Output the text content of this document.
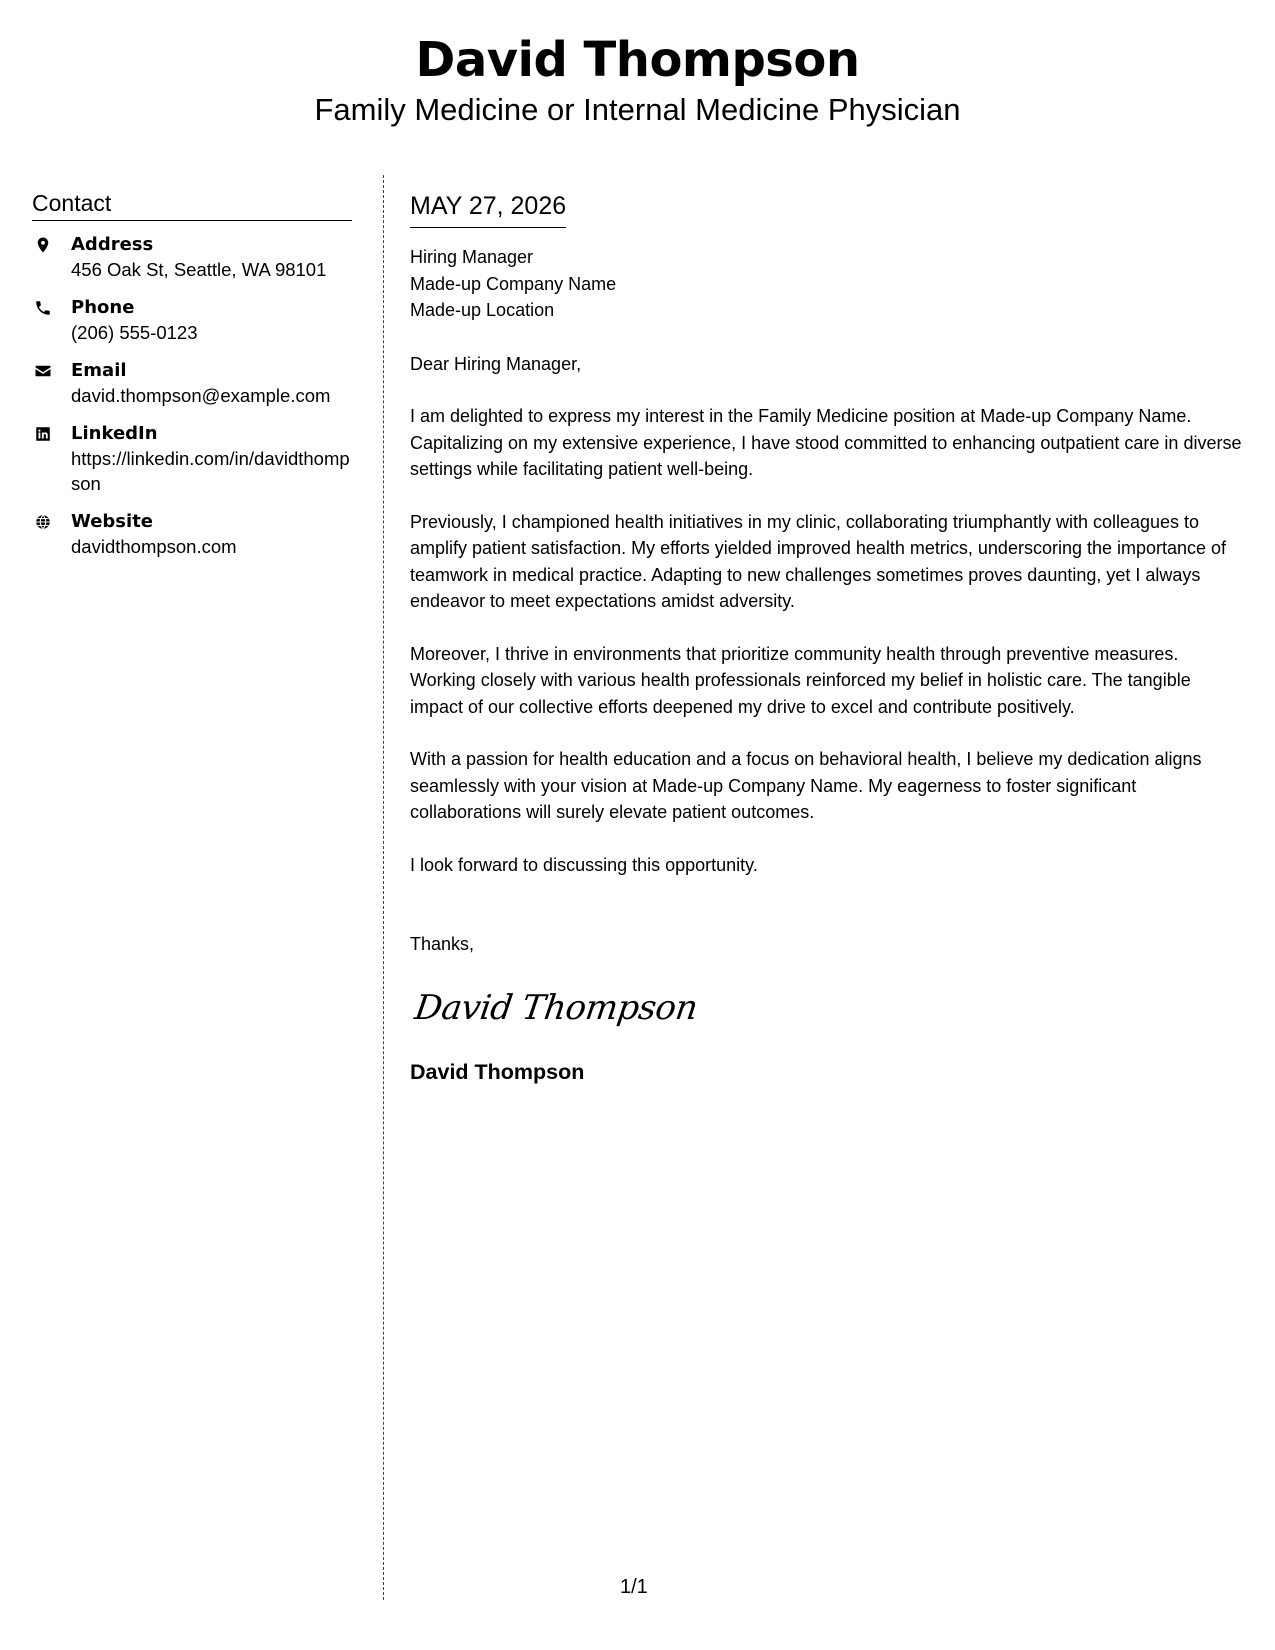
David Thompson
Family Medicine or Internal Medicine Physician
Contact
Address
456 Oak St, Seattle, WA 98101
Phone
(206) 555-0123
Email
david.thompson@example.com
LinkedIn
https://linkedin.com/in/davidthompson
Website
davidthompson.com
MAY 27, 2026
Hiring Manager
Made-up Company Name
Made-up Location
Dear Hiring Manager,
I am delighted to express my interest in the Family Medicine position at Made-up Company Name. Capitalizing on my extensive experience, I have stood committed to enhancing outpatient care in diverse settings while facilitating patient well-being.
Previously, I championed health initiatives in my clinic, collaborating triumphantly with colleagues to amplify patient satisfaction. My efforts yielded improved health metrics, underscoring the importance of teamwork in medical practice. Adapting to new challenges sometimes proves daunting, yet I always endeavor to meet expectations amidst adversity.
Moreover, I thrive in environments that prioritize community health through preventive measures. Working closely with various health professionals reinforced my belief in holistic care. The tangible impact of our collective efforts deepened my drive to excel and contribute positively.
With a passion for health education and a focus on behavioral health, I believe my dedication aligns seamlessly with your vision at Made-up Company Name. My eagerness to foster significant collaborations will surely elevate patient outcomes.
I look forward to discussing this opportunity.
Thanks,
David Thompson
David Thompson
1/1
